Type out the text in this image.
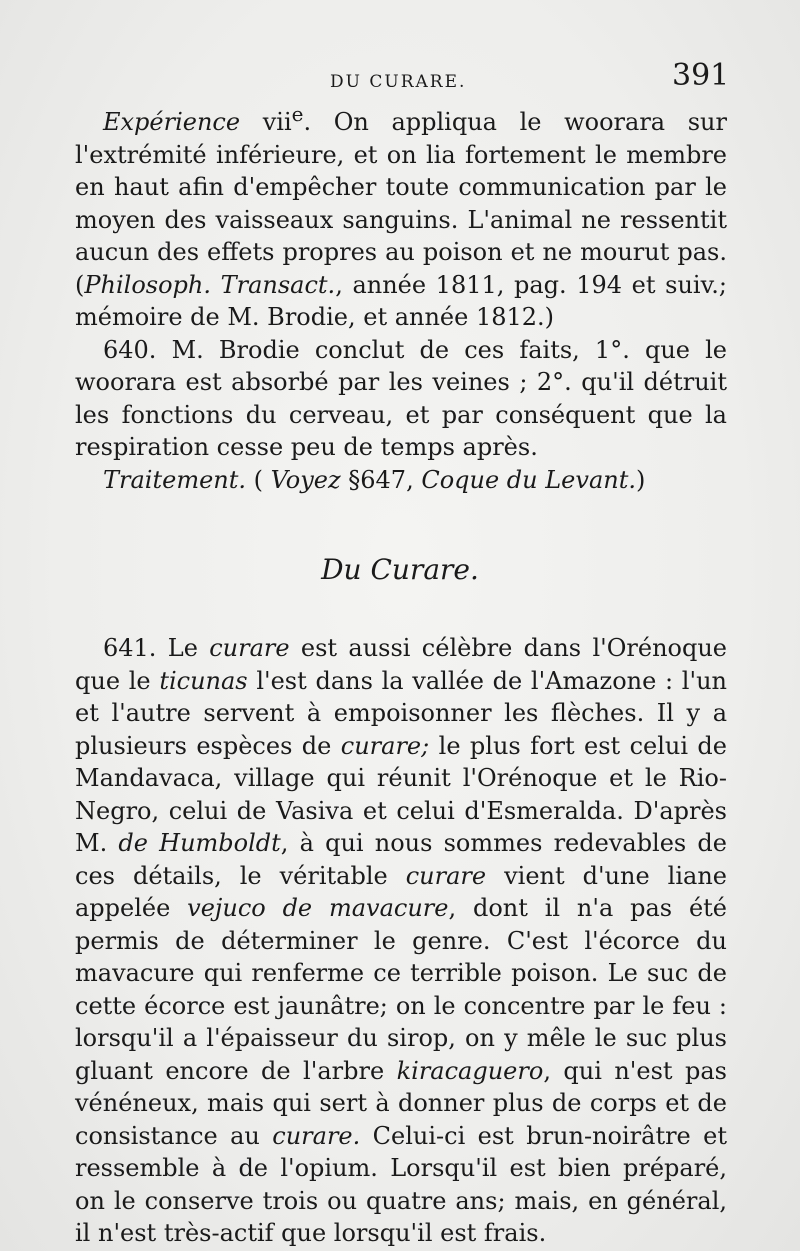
DU CURARE.	391

Expérience vii$^e$. On appliqua le woorara sur l'extrémité inférieure, et on lia fortement le membre en haut afin d'empêcher toute communication par le moyen des vaisseaux sanguins. L'animal ne ressentit aucun des effets propres au poison et ne mourut pas. (Philosoph. Transact., année 1811, pag. 194 et suiv.; mémoire de M. Brodie, et année 1812.)

640. M. Brodie conclut de ces faits, 1°. que le woorara est absorbé par les veines ; 2°. qu'il détruit les fonctions du cerveau, et par conséquent que la respiration cesse peu de temps après.

Traitement. ( Voyez §647, Coque du Levant.)

Du Curare.

641. Le curare est aussi célèbre dans l'Orénoque que le ticunas l'est dans la vallée de l'Amazone : l'un et l'autre servent à empoisonner les flèches. Il y a plusieurs espèces de curare; le plus fort est celui de Mandavaca, village qui réunit l'Orénoque et le Rio-Negro, celui de Vasiva et celui d'Esmeralda. D'après M. de Humboldt, à qui nous sommes redevables de ces détails, le véritable curare vient d'une liane appelée vejuco de mavacure, dont il n'a pas été permis de déterminer le genre. C'est l'écorce du mavacure qui renferme ce terrible poison. Le suc de cette écorce est jaunâtre; on le concentre par le feu : lorsqu'il a l'épaisseur du sirop, on y mêle le suc plus gluant encore de l'arbre kiracaguero, qui n'est pas vénéneux, mais qui sert à donner plus de corps et de consistance au curare. Celui-ci est brun-noirâtre et ressemble à de l'opium. Lorsqu'il est bien préparé, on le conserve trois ou quatre ans; mais, en général, il n'est très-actif que lorsqu'il est frais.
